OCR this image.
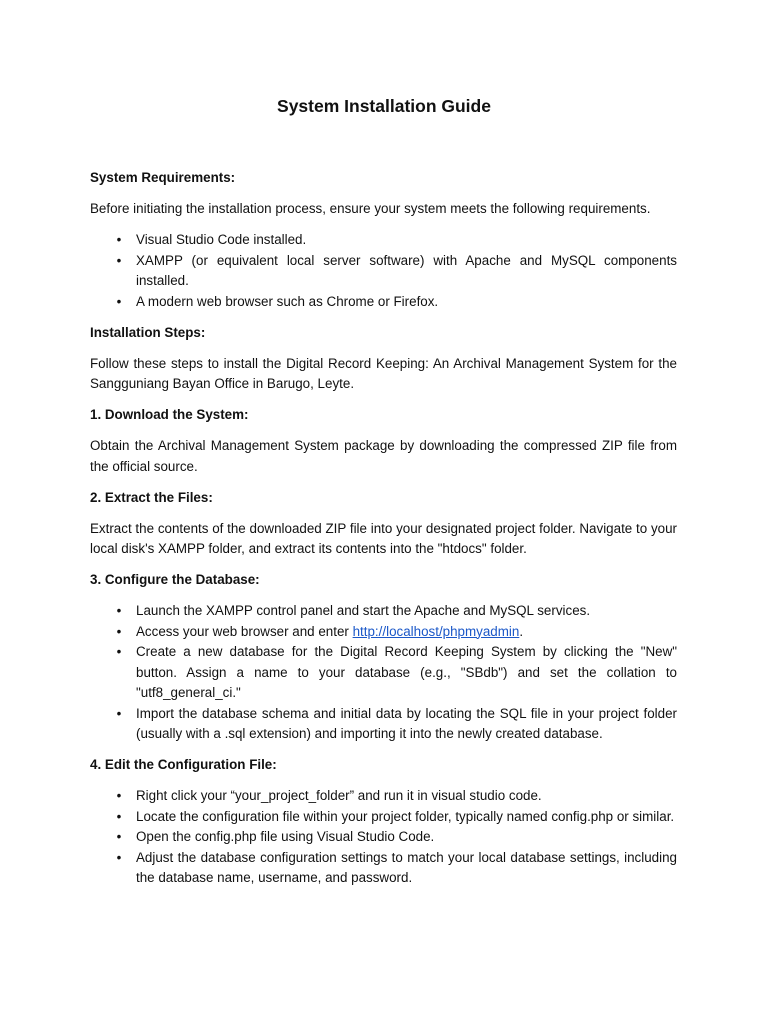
System Installation Guide
System Requirements:
Before initiating the installation process, ensure your system meets the following requirements.
• Visual Studio Code installed.
• XAMPP (or equivalent local server software) with Apache and MySQL components installed.
• A modern web browser such as Chrome or Firefox.
Installation Steps:
Follow these steps to install the Digital Record Keeping: An Archival Management System for the Sangguniang Bayan Office in Barugo, Leyte.
1. Download the System:
Obtain the Archival Management System package by downloading the compressed ZIP file from the official source.
2. Extract the Files:
Extract the contents of the downloaded ZIP file into your designated project folder. Navigate to your local disk's XAMPP folder, and extract its contents into the "htdocs" folder.
3. Configure the Database:
• Launch the XAMPP control panel and start the Apache and MySQL services.
• Access your web browser and enter http://localhost/phpmyadmin.
• Create a new database for the Digital Record Keeping System by clicking the "New" button. Assign a name to your database (e.g., "SBdb") and set the collation to "utf8_general_ci."
• Import the database schema and initial data by locating the SQL file in your project folder (usually with a .sql extension) and importing it into the newly created database.
4. Edit the Configuration File:
• Right click your “your_project_folder” and run it in visual studio code.
• Locate the configuration file within your project folder, typically named config.php or similar.
• Open the config.php file using Visual Studio Code.
• Adjust the database configuration settings to match your local database settings, including the database name, username, and password.
